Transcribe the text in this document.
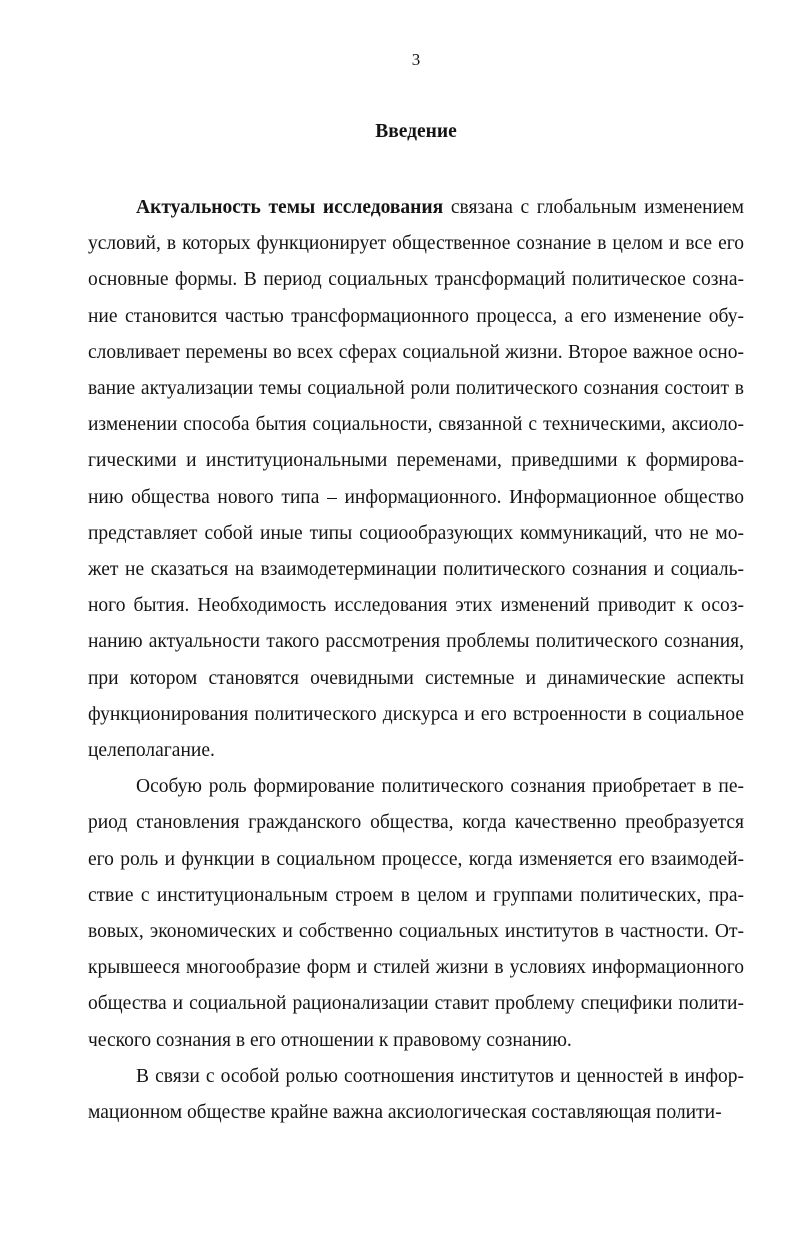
3
Введение

Актуальность темы исследования связана с глобальным изменением условий, в которых функционирует общественное сознание в целом и все его основные формы. В период социальных трансформаций политическое сознание становится частью трансформационного процесса, а его изменение обусловливает перемены во всех сферах социальной жизни. Второе важное основание актуализации темы социальной роли политического сознания состоит в изменении способа бытия социальности, связанной с техническими, аксиологическими и институциональными переменами, приведшими к формированию общества нового типа – информационного. Информационное общество представляет собой иные типы социообразующих коммуникаций, что не может не сказаться на взаимодетерминации политического сознания и социального бытия. Необходимость исследования этих изменений приводит к осознанию актуальности такого рассмотрения проблемы политического сознания, при котором становятся очевидными системные и динамические аспекты функционирования политического дискурса и его встроенности в социальное целеполагание.

Особую роль формирование политического сознания приобретает в период становления гражданского общества, когда качественно преобразуется его роль и функции в социальном процессе, когда изменяется его взаимодействие с институциональным строем в целом и группами политических, правовых, экономических и собственно социальных институтов в частности. Открывшееся многообразие форм и стилей жизни в условиях информационного общества и социальной рационализации ставит проблему специфики политического сознания в его отношении к правовому сознанию.

В связи с особой ролью соотношения институтов и ценностей в информационном обществе крайне важна аксиологическая составляющая полити-
